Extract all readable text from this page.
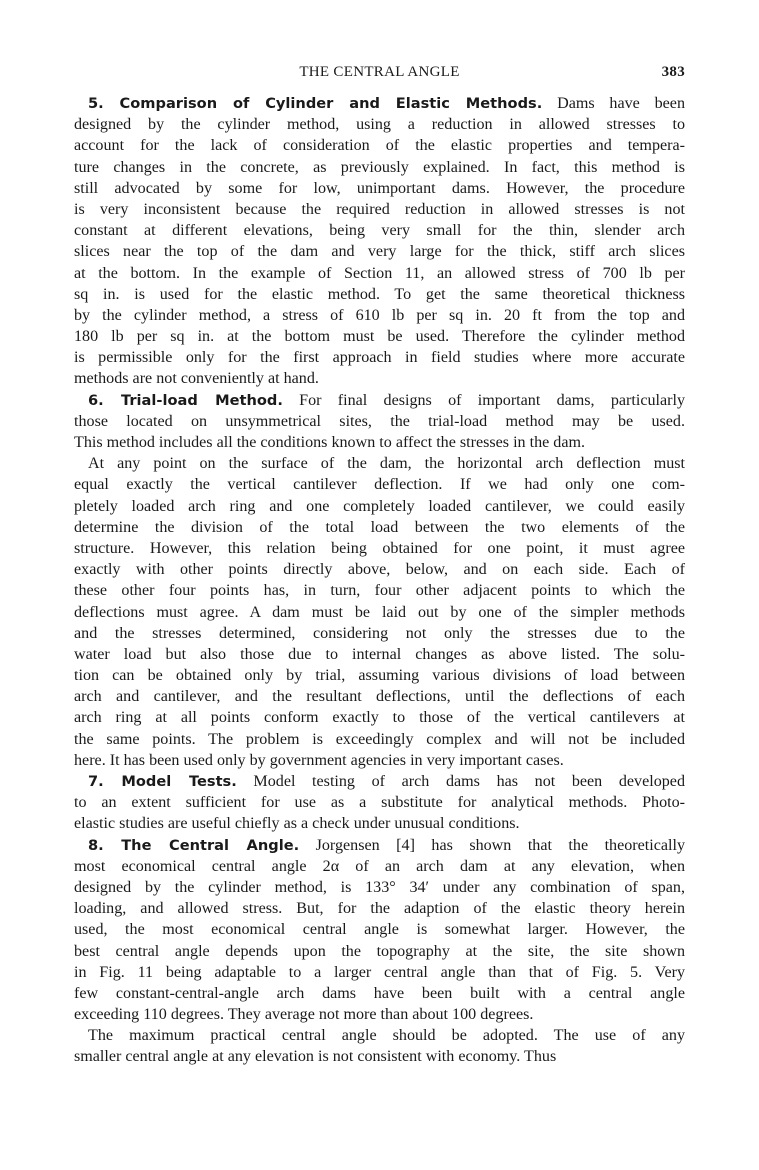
THE CENTRAL ANGLE	383
5. Comparison of Cylinder and Elastic Methods. Dams have been
designed by the cylinder method, using a reduction in allowed stresses to
account for the lack of consideration of the elastic properties and tempera-
ture changes in the concrete, as previously explained. In fact, this method is
still advocated by some for low, unimportant dams. However, the procedure
is very inconsistent because the required reduction in allowed stresses is not
constant at different elevations, being very small for the thin, slender arch
slices near the top of the dam and very large for the thick, stiff arch slices
at the bottom. In the example of Section 11, an allowed stress of 700 lb per
sq in. is used for the elastic method. To get the same theoretical thickness
by the cylinder method, a stress of 610 lb per sq in. 20 ft from the top and
180 lb per sq in. at the bottom must be used. Therefore the cylinder method
is permissible only for the first approach in field studies where more accurate
methods are not conveniently at hand.
6. Trial-load Method. For final designs of important dams, particularly
those located on unsymmetrical sites, the trial-load method may be used.
This method includes all the conditions known to affect the stresses in the dam.
At any point on the surface of the dam, the horizontal arch deflection must
equal exactly the vertical cantilever deflection. If we had only one com-
pletely loaded arch ring and one completely loaded cantilever, we could easily
determine the division of the total load between the two elements of the
structure. However, this relation being obtained for one point, it must agree
exactly with other points directly above, below, and on each side. Each of
these other four points has, in turn, four other adjacent points to which the
deflections must agree. A dam must be laid out by one of the simpler methods
and the stresses determined, considering not only the stresses due to the
water load but also those due to internal changes as above listed. The solu-
tion can be obtained only by trial, assuming various divisions of load between
arch and cantilever, and the resultant deflections, until the deflections of each
arch ring at all points conform exactly to those of the vertical cantilevers at
the same points. The problem is exceedingly complex and will not be included
here. It has been used only by government agencies in very important cases.
7. Model Tests. Model testing of arch dams has not been developed
to an extent sufficient for use as a substitute for analytical methods. Photo-
elastic studies are useful chiefly as a check under unusual conditions.
8. The Central Angle. Jorgensen [4] has shown that the theoretically
most economical central angle 2α of an arch dam at any elevation, when
designed by the cylinder method, is 133° 34′ under any combination of span,
loading, and allowed stress. But, for the adaption of the elastic theory herein
used, the most economical central angle is somewhat larger. However, the
best central angle depends upon the topography at the site, the site shown
in Fig. 11 being adaptable to a larger central angle than that of Fig. 5. Very
few constant-central-angle arch dams have been built with a central angle
exceeding 110 degrees. They average not more than about 100 degrees.
The maximum practical central angle should be adopted. The use of any
smaller central angle at any elevation is not consistent with economy. Thus
